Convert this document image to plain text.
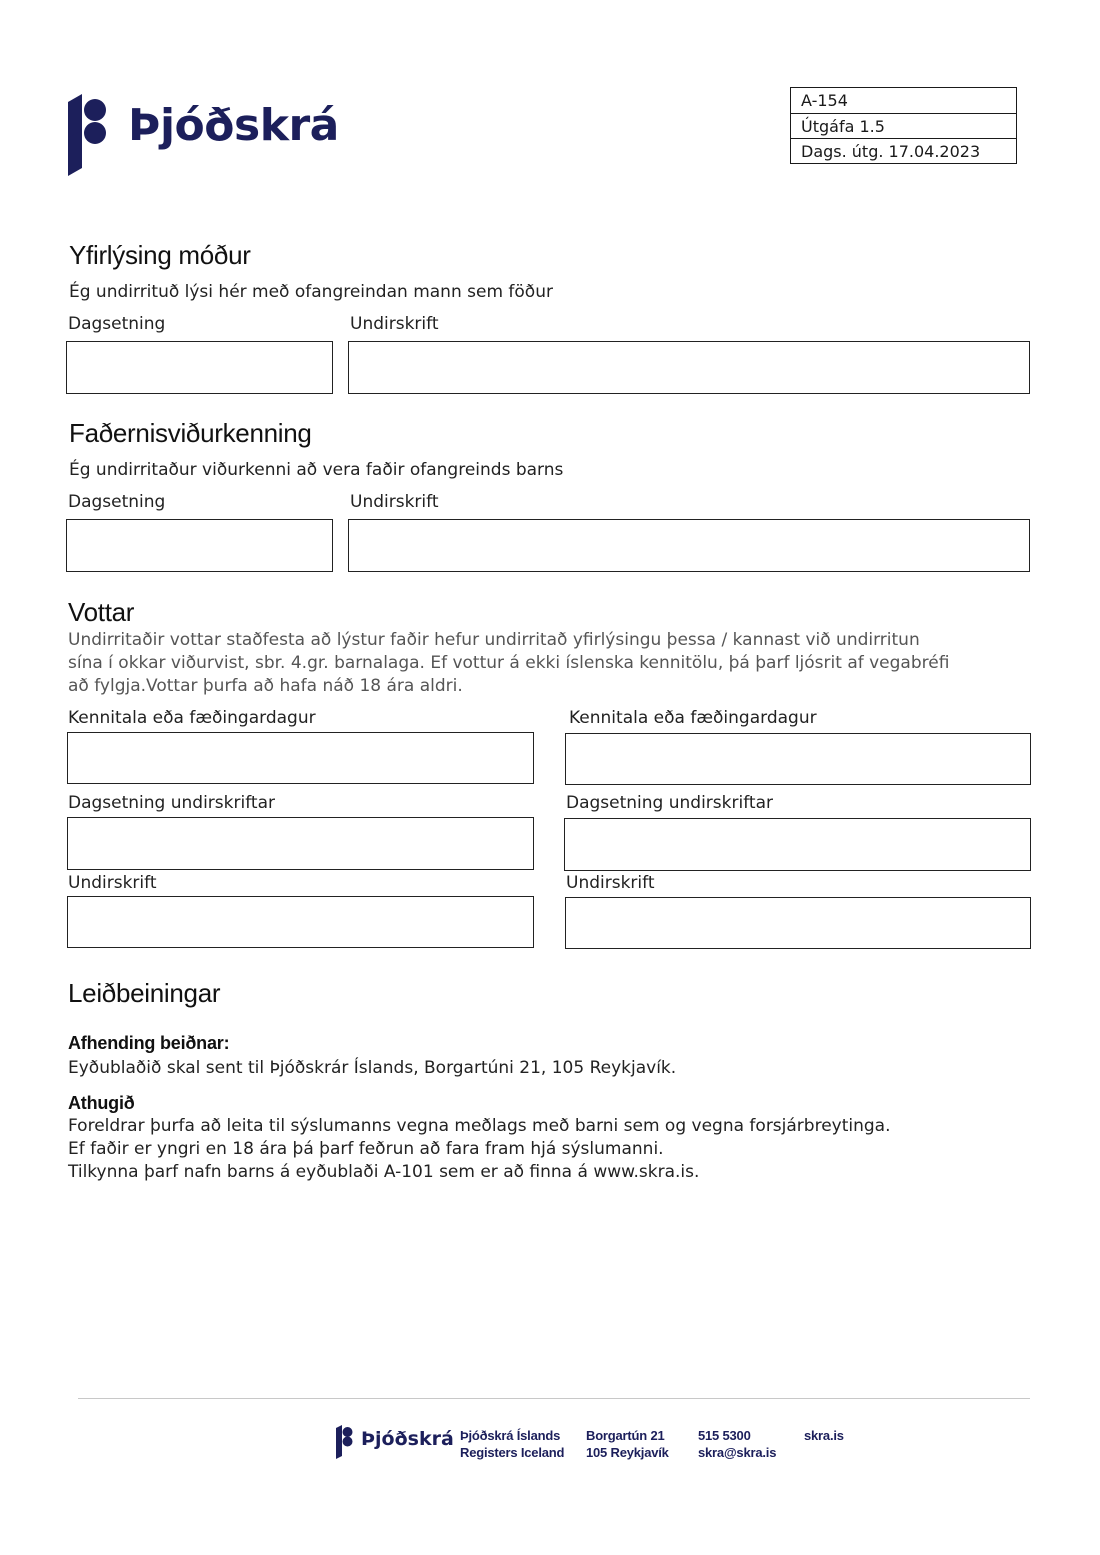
Þjóðskrá	A-154
Útgáfa 1.5
Dags. útg. 17.04.2023
Yfirlýsing móður
Ég undirrituð lýsi hér með ofangreindan mann sem föður
Dagsetning	Undirskrift
Faðernisviðurkenning
Ég undirritaður viðurkenni að vera faðir ofangreinds barns
Dagsetning	Undirskrift
Vottar
Undirritaðir vottar staðfesta að lýstur faðir hefur undirritað yfirlýsingu þessa / kannast við undirritun
sína í okkar viðurvist, sbr. 4.gr. barnalaga. Ef vottur á ekki íslenska kennitölu, þá þarf ljósrit af vegabréfi
að fylgja.Vottar þurfa að hafa náð 18 ára aldri.
Kennitala eða fæðingardagur	Kennitala eða fæðingardagur
Dagsetning undirskriftar	Dagsetning undirskriftar
Undirskrift	Undirskrift
Leiðbeiningar
Afhending beiðnar:
Eyðublaðið skal sent til Þjóðskrár Íslands, Borgartúni 21, 105 Reykjavík.
Athugið
Foreldrar þurfa að leita til sýslumanns vegna meðlags með barni sem og vegna forsjárbreytinga.
Ef faðir er yngri en 18 ára þá þarf feðrun að fara fram hjá sýslumanni.
Tilkynna þarf nafn barns á eyðublaði A-101 sem er að finna á www.skra.is.
Þjóðskrá Þjóðskrá Íslands
Registers Iceland
Borgartún 21
105 Reykjavík
515 5300
skra@skra.is
skra.is
